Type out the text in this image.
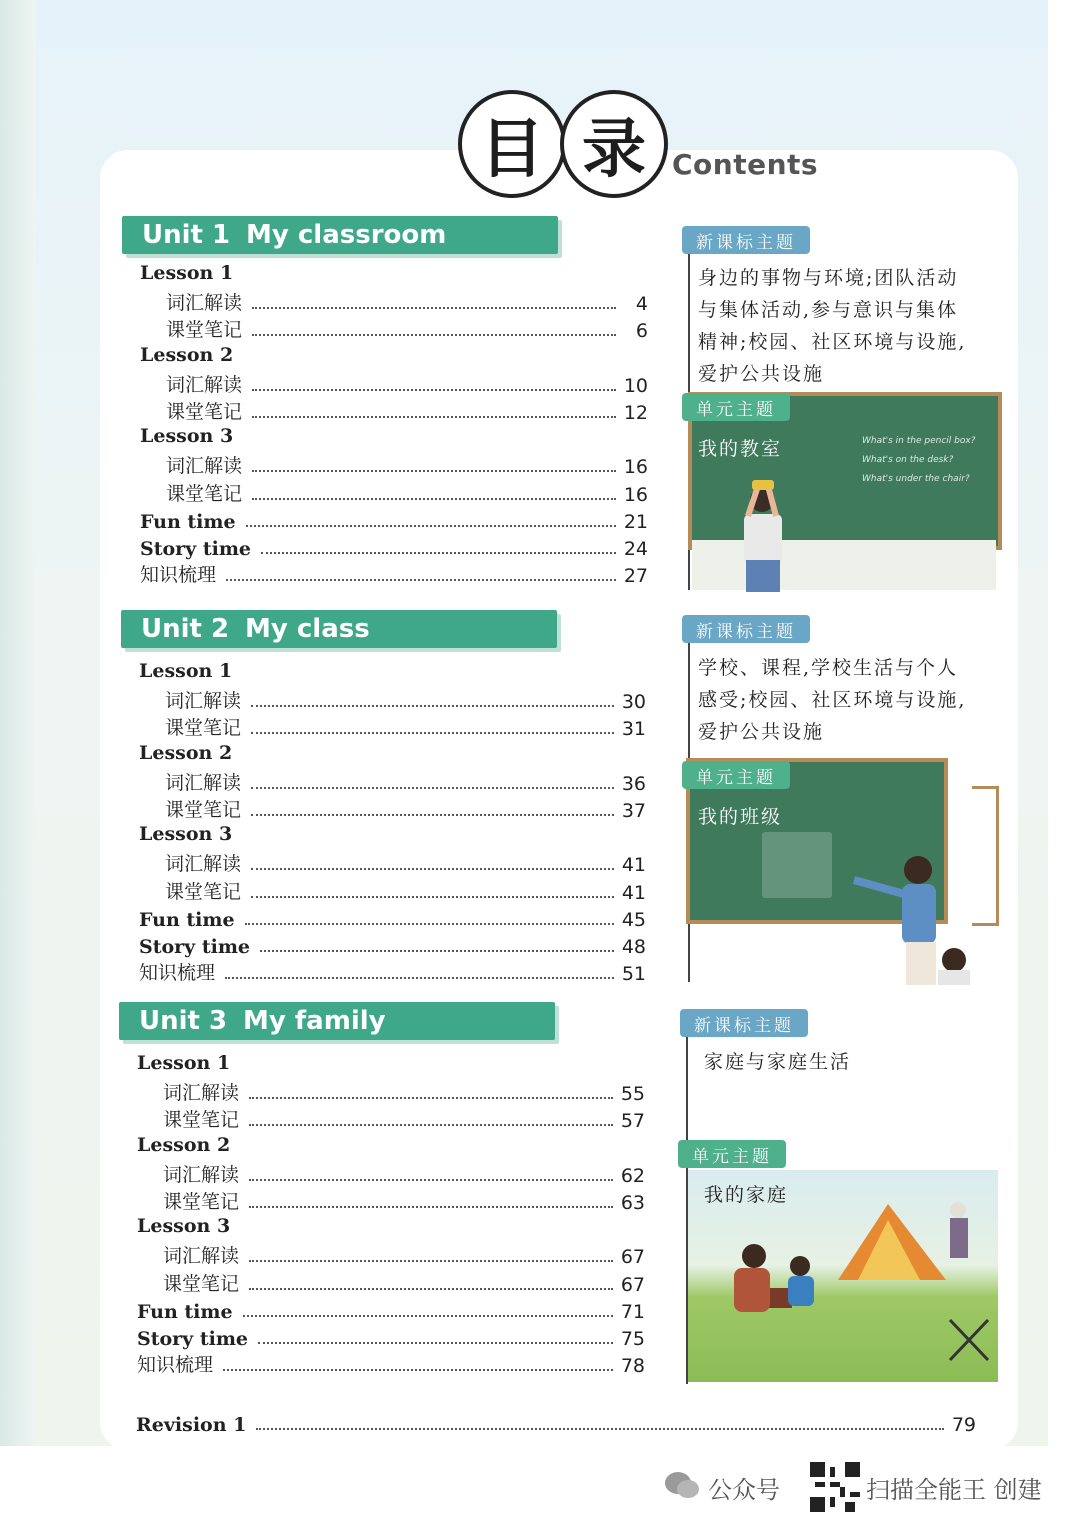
目 录 Contents
Unit 1 My classroom
Unit 2 My class
Unit 3 My family
Lesson 1
词汇解读	4
课堂笔记	6
Lesson 2
词汇解读	10
课堂笔记	12
Lesson 3
词汇解读	16
课堂笔记	16
Fun time	21
Story time	24
知识梳理	27
Lesson 1
词汇解读	30
课堂笔记	31
Lesson 2
词汇解读	36
课堂笔记	37
Lesson 3
词汇解读	41
课堂笔记	41
Fun time	45
Story time	48
知识梳理	51
Lesson 1
词汇解读	55
课堂笔记	57
Lesson 2
词汇解读	62
课堂笔记	63
Lesson 3
词汇解读	67
课堂笔记	67
Fun time	71
Story time	75
知识梳理	78
Revision 1	79
新课标主题
身边的事物与环境;团队活动
与集体活动,参与意识与集体
精神;校园、社区环境与设施,
爱护公共设施
What's in the pencil box?
What's on the desk?
What's under the chair?
单元主题
我的教室
新课标主题
学校、课程,学校生活与个人
感受;校园、社区环境与设施,
爱护公共设施
单元主题
我的班级
新课标主题
家庭与家庭生活
单元主题
我的家庭
公众号	扫描全能王 创建
